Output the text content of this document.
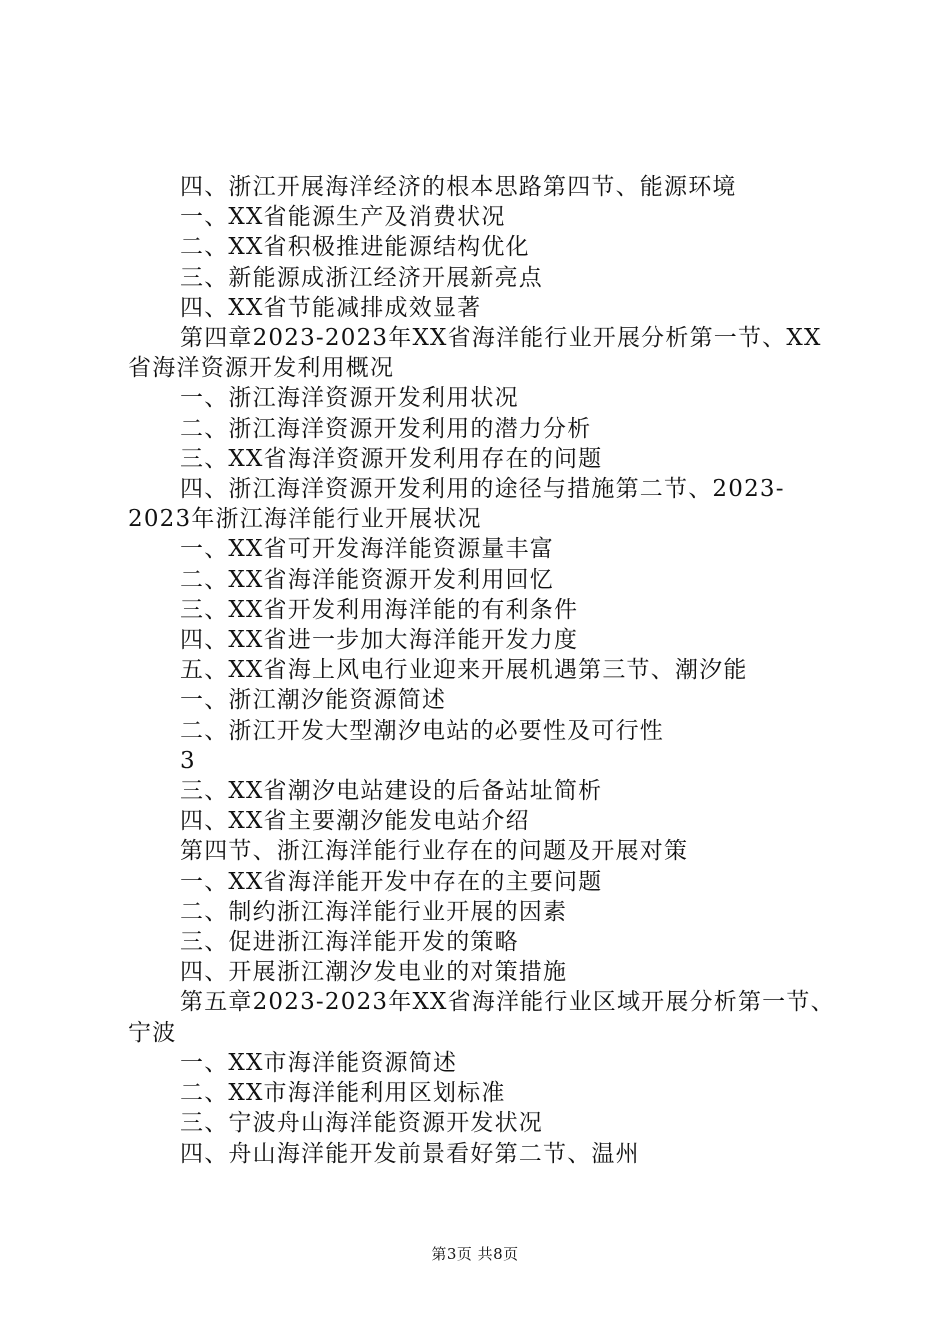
四、浙江开展海洋经济的根本思路第四节、能源环境
一、XX省能源生产及消费状况
二、XX省积极推进能源结构优化
三、新能源成浙江经济开展新亮点
四、XX省节能减排成效显著
第四章2023-2023年XX省海洋能行业开展分析第一节、XX
省海洋资源开发利用概况
一、浙江海洋资源开发利用状况
二、浙江海洋资源开发利用的潜力分析
三、XX省海洋资源开发利用存在的问题
四、浙江海洋资源开发利用的途径与措施第二节、2023-
2023年浙江海洋能行业开展状况
一、XX省可开发海洋能资源量丰富
二、XX省海洋能资源开发利用回忆
三、XX省开发利用海洋能的有利条件
四、XX省进一步加大海洋能开发力度
五、XX省海上风电行业迎来开展机遇第三节、潮汐能
一、浙江潮汐能资源简述
二、浙江开发大型潮汐电站的必要性及可行性
3
三、XX省潮汐电站建设的后备站址简析
四、XX省主要潮汐能发电站介绍
第四节、浙江海洋能行业存在的问题及开展对策
一、XX省海洋能开发中存在的主要问题
二、制约浙江海洋能行业开展的因素
三、促进浙江海洋能开发的策略
四、开展浙江潮汐发电业的对策措施
第五章2023-2023年XX省海洋能行业区域开展分析第一节、
宁波
一、XX市海洋能资源简述
二、XX市海洋能利用区划标准
三、宁波舟山海洋能资源开发状况
四、舟山海洋能开发前景看好第二节、温州
第3页 共8页
